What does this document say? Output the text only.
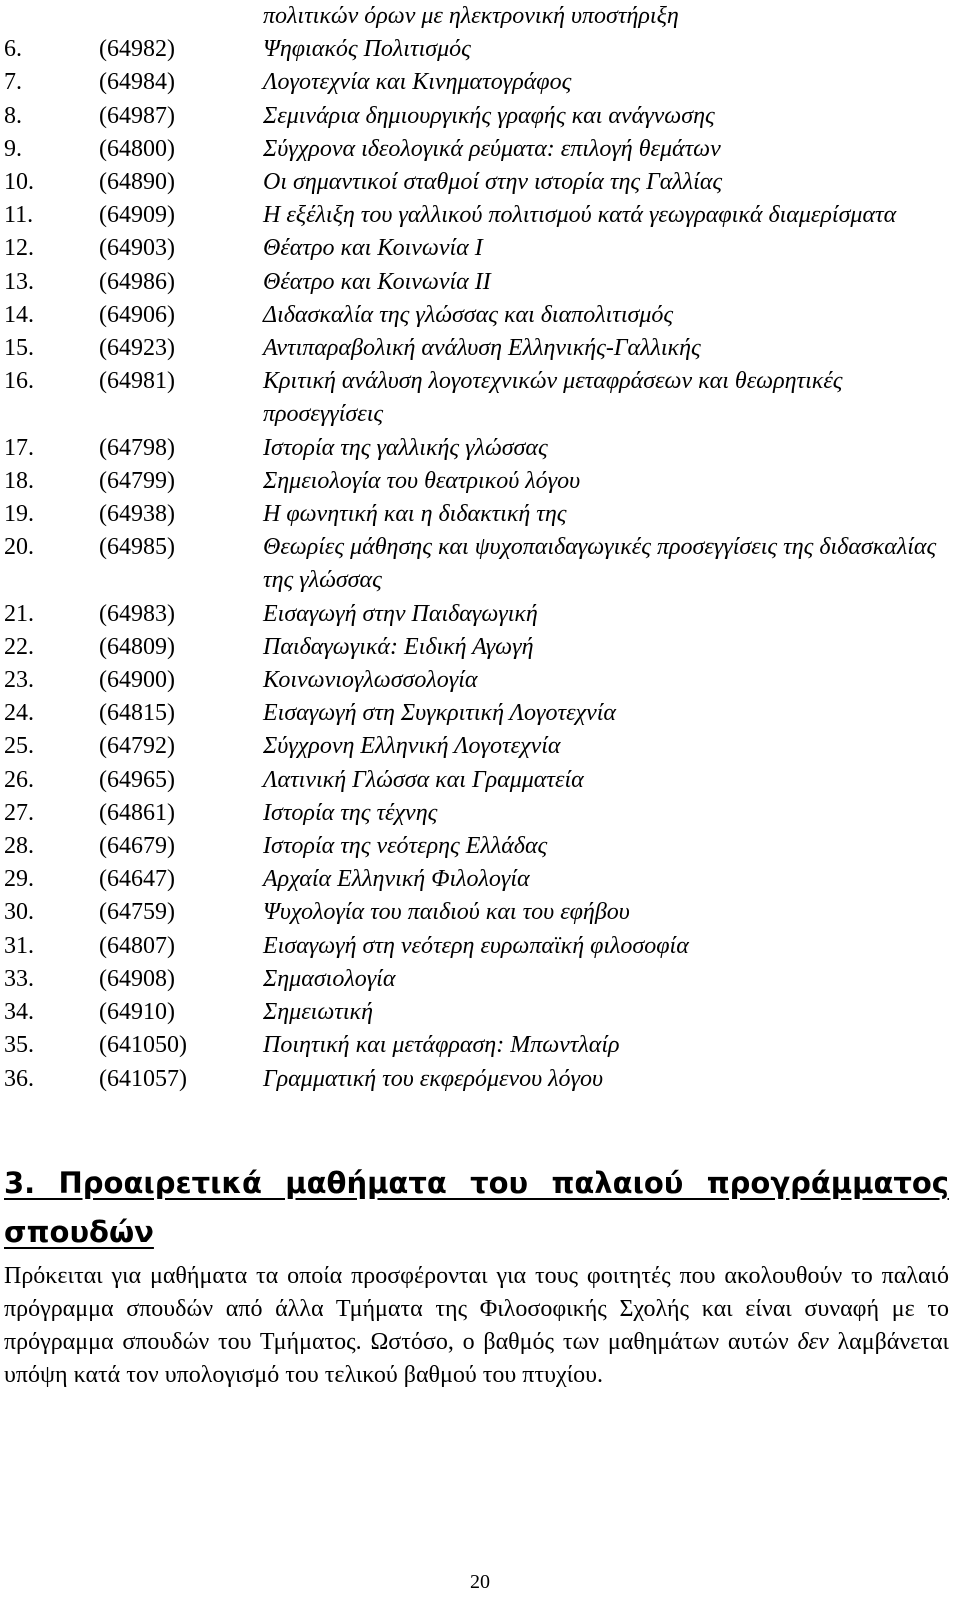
πολιτικών όρων με ηλεκτρονική υποστήριξη
6.	(64982)	Ψηφιακός Πολιτισμός
7.	(64984)	Λογοτεχνία και Κινηματογράφος
8.	(64987)	Σεμινάρια δημιουργικής γραφής και ανάγνωσης
9.	(64800)	Σύγχρονα ιδεολογικά ρεύματα: επιλογή θεμάτων
10.	(64890)	Οι σημαντικοί σταθμοί στην ιστορία της Γαλλίας
11.	(64909)	Η εξέλιξη του γαλλικού πολιτισμού κατά γεωγραφικά διαμερίσματα
12.	(64903)	Θέατρο και Κοινωνία Ι
13.	(64986)	Θέατρο και Κοινωνία ΙΙ
14.	(64906)	Διδασκαλία της γλώσσας και διαπολιτισμός
15.	(64923)	Αντιπαραβολική ανάλυση Ελληνικής-Γαλλικής
16.	(64981)	Κριτική ανάλυση λογοτεχνικών μεταφράσεων και θεωρητικές προσεγγίσεις
17.	(64798)	Ιστορία της γαλλικής γλώσσας
18.	(64799)	Σημειολογία του θεατρικού λόγου
19.	(64938)	Η φωνητική και η διδακτική της
20.	(64985)	Θεωρίες μάθησης και ψυχοπαιδαγωγικές προσεγγίσεις της διδασκαλίας της γλώσσας
21.	(64983)	Εισαγωγή στην Παιδαγωγική
22.	(64809)	Παιδαγωγικά: Ειδική Αγωγή
23.	(64900)	Κοινωνιογλωσσολογία
24.	(64815)	Εισαγωγή στη Συγκριτική Λογοτεχνία
25.	(64792)	Σύγχρονη Ελληνική Λογοτεχνία
26.	(64965)	Λατινική Γλώσσα και Γραμματεία
27.	(64861)	Ιστορία της τέχνης
28.	(64679)	Ιστορία της νεότερης Ελλάδας
29.	(64647)	Αρχαία Ελληνική Φιλολογία
30.	(64759)	Ψυχολογία του παιδιού και του εφήβου
31.	(64807)	Εισαγωγή στη νεότερη ευρωπαϊκή φιλοσοφία
33.	(64908)	Σημασιολογία
34.	(64910)	Σημειωτική
35.	(641050)	Ποιητική και μετάφραση: Μπωντλαίρ
36.	(641057)	Γραμματική του εκφερόμενου λόγου
3. Προαιρετικά μαθήματα του παλαιού προγράμματος σπουδών

Πρόκειται για μαθήματα τα οποία προσφέρονται για τους φοιτητές που ακολουθούν το παλαιό πρόγραμμα σπουδών από άλλα Τμήματα της Φιλοσοφικής Σχολής και είναι συναφή με το πρόγραμμα σπουδών του Τμήματος. Ωστόσο, ο βαθμός των μαθημάτων αυτών δεν λαμβάνεται υπόψη κατά τον υπολογισμό του τελικού βαθμού του πτυχίου.

20
